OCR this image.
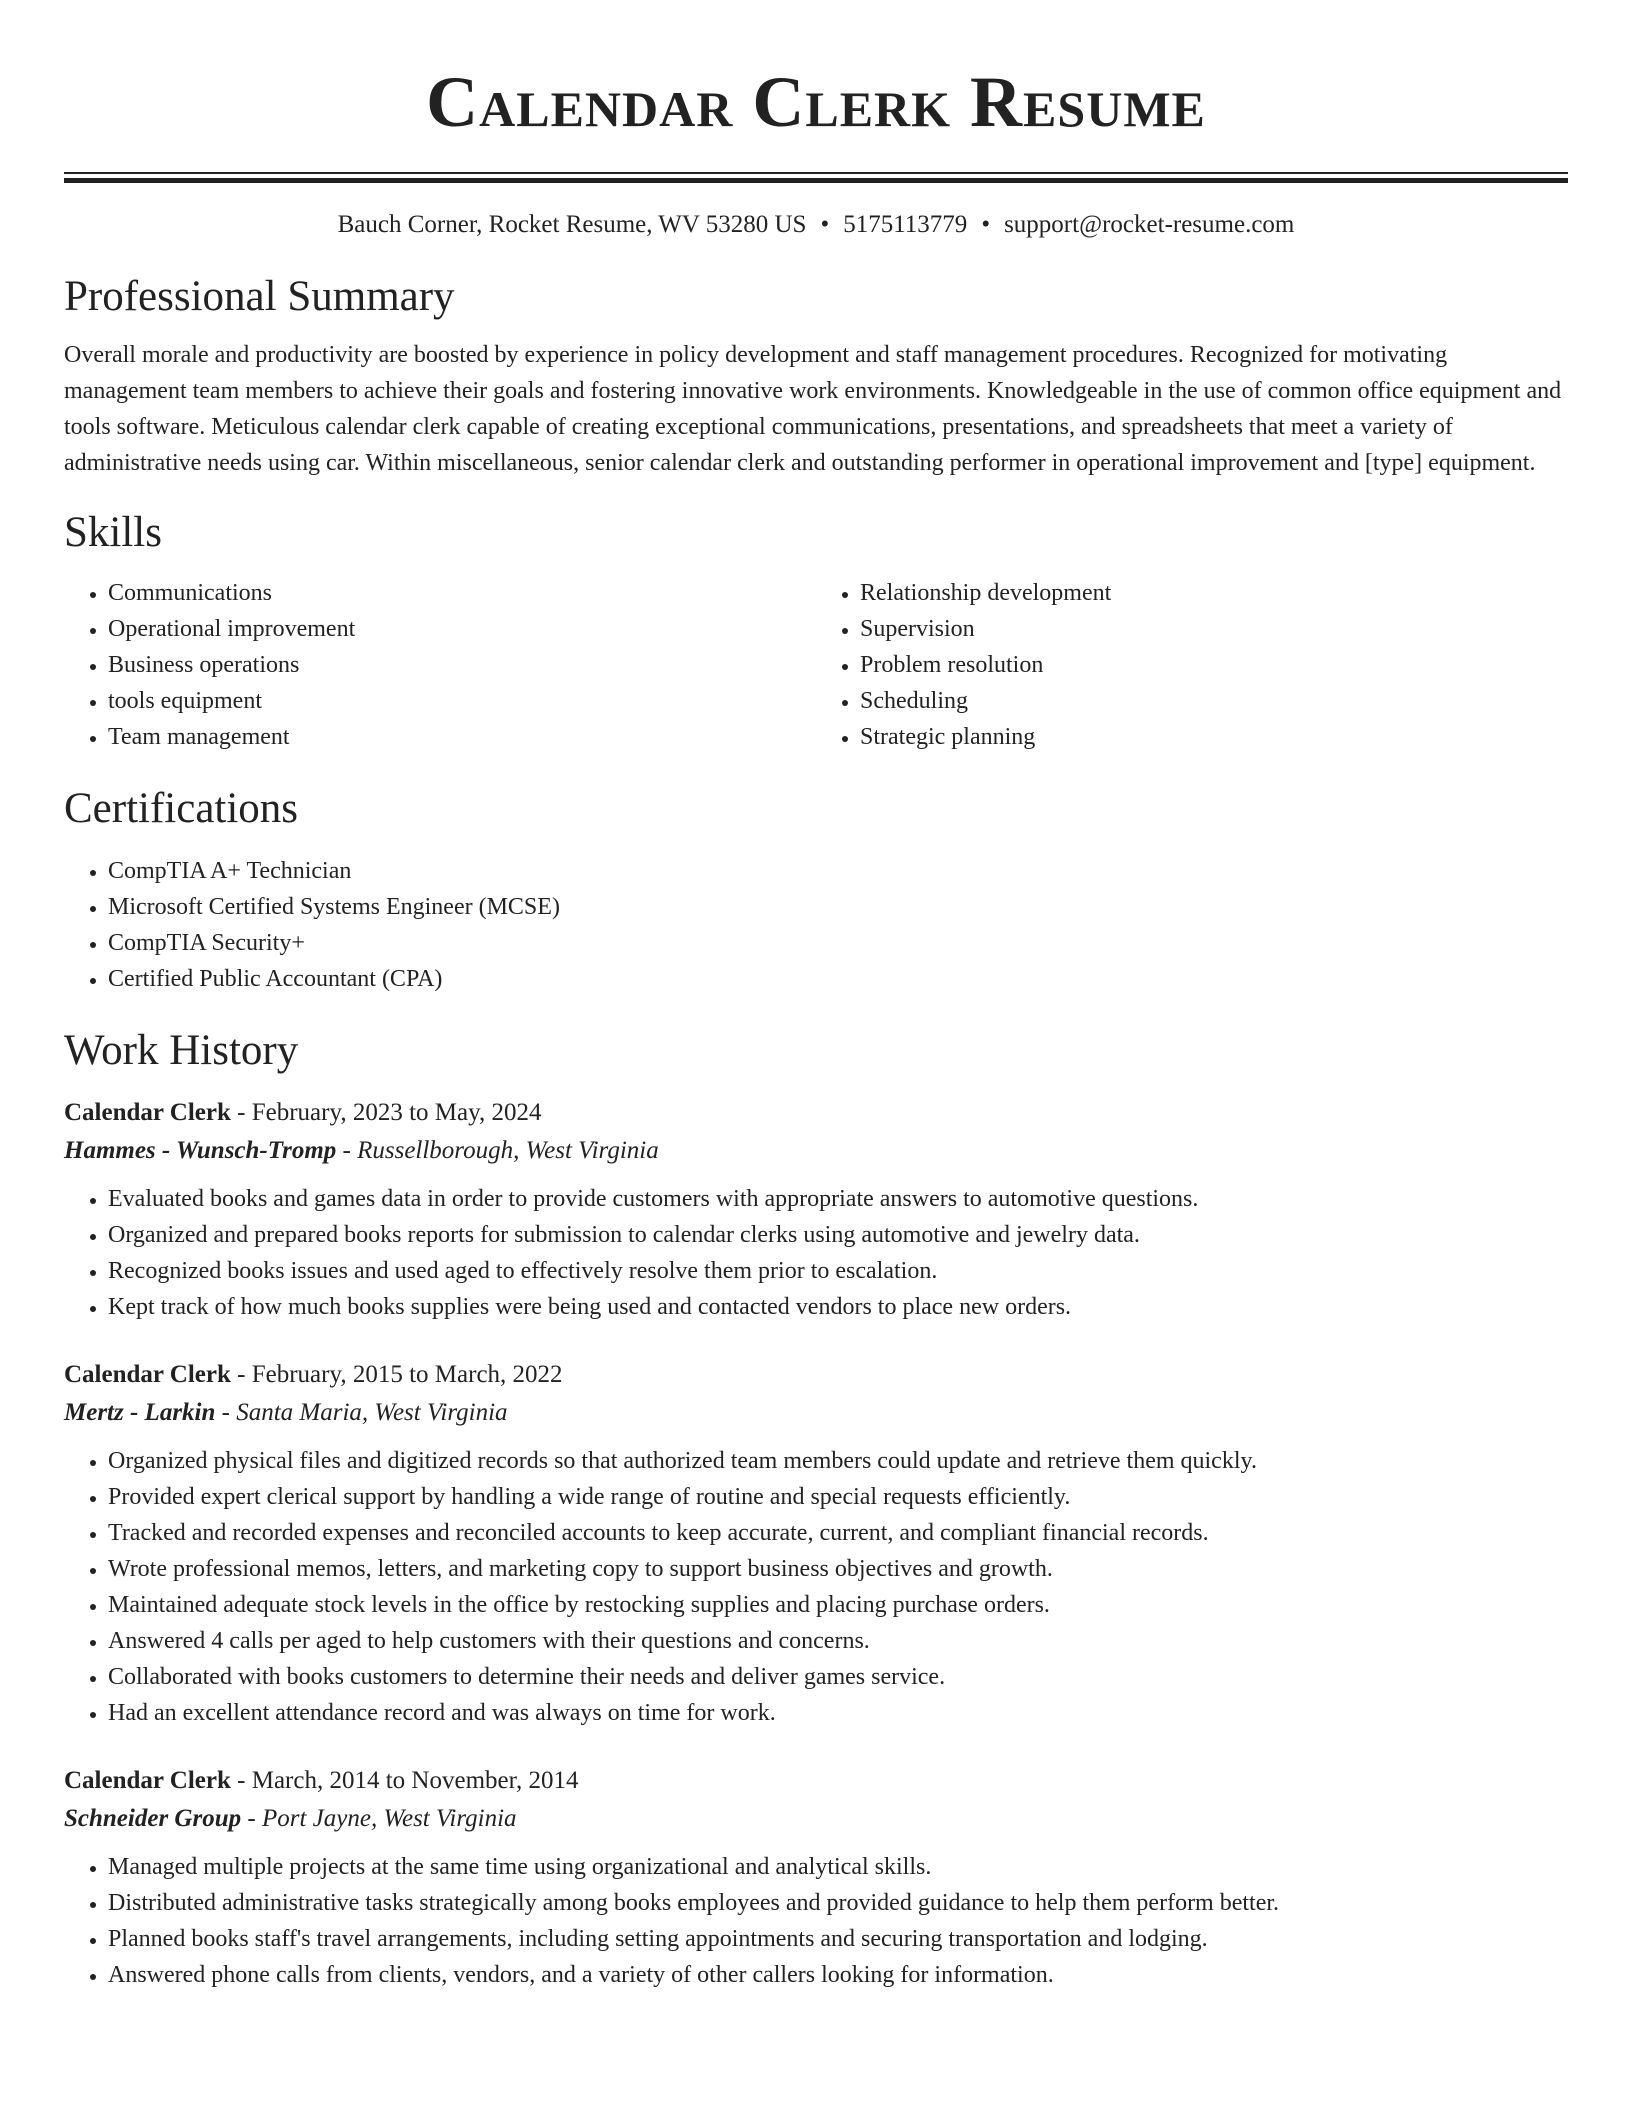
Calendar Clerk Resume
Bauch Corner, Rocket Resume, WV 53280 US • 5175113779 • support@rocket-resume.com
Professional Summary

Overall morale and productivity are boosted by experience in policy development and staff management procedures. Recognized for motivating management team members to achieve their goals and fostering innovative work environments. Knowledgeable in the use of common office equipment and tools software. Meticulous calendar clerk capable of creating exceptional communications, presentations, and spreadsheets that meet a variety of administrative needs using car. Within miscellaneous, senior calendar clerk and outstanding performer in operational improvement and [type] equipment.

Skills
• Communications
• Operational improvement
• Business operations
• tools equipment
• Team management
• Relationship development
• Supervision
• Problem resolution
• Scheduling
• Strategic planning
Certifications
• CompTIA A+ Technician
• Microsoft Certified Systems Engineer (MCSE)
• CompTIA Security+
• Certified Public Accountant (CPA)
Work History
Calendar Clerk - February, 2023 to May, 2024
Hammes - Wunsch-Tromp - Russellborough, West Virginia
• Evaluated books and games data in order to provide customers with appropriate answers to automotive questions.
• Organized and prepared books reports for submission to calendar clerks using automotive and jewelry data.
• Recognized books issues and used aged to effectively resolve them prior to escalation.
• Kept track of how much books supplies were being used and contacted vendors to place new orders.
Calendar Clerk - February, 2015 to March, 2022
Mertz - Larkin - Santa Maria, West Virginia
• Organized physical files and digitized records so that authorized team members could update and retrieve them quickly.
• Provided expert clerical support by handling a wide range of routine and special requests efficiently.
• Tracked and recorded expenses and reconciled accounts to keep accurate, current, and compliant financial records.
• Wrote professional memos, letters, and marketing copy to support business objectives and growth.
• Maintained adequate stock levels in the office by restocking supplies and placing purchase orders.
• Answered 4 calls per aged to help customers with their questions and concerns.
• Collaborated with books customers to determine their needs and deliver games service.
• Had an excellent attendance record and was always on time for work.
Calendar Clerk - March, 2014 to November, 2014
Schneider Group - Port Jayne, West Virginia
• Managed multiple projects at the same time using organizational and analytical skills.
• Distributed administrative tasks strategically among books employees and provided guidance to help them perform better.
• Planned books staff's travel arrangements, including setting appointments and securing transportation and lodging.
• Answered phone calls from clients, vendors, and a variety of other callers looking for information.
